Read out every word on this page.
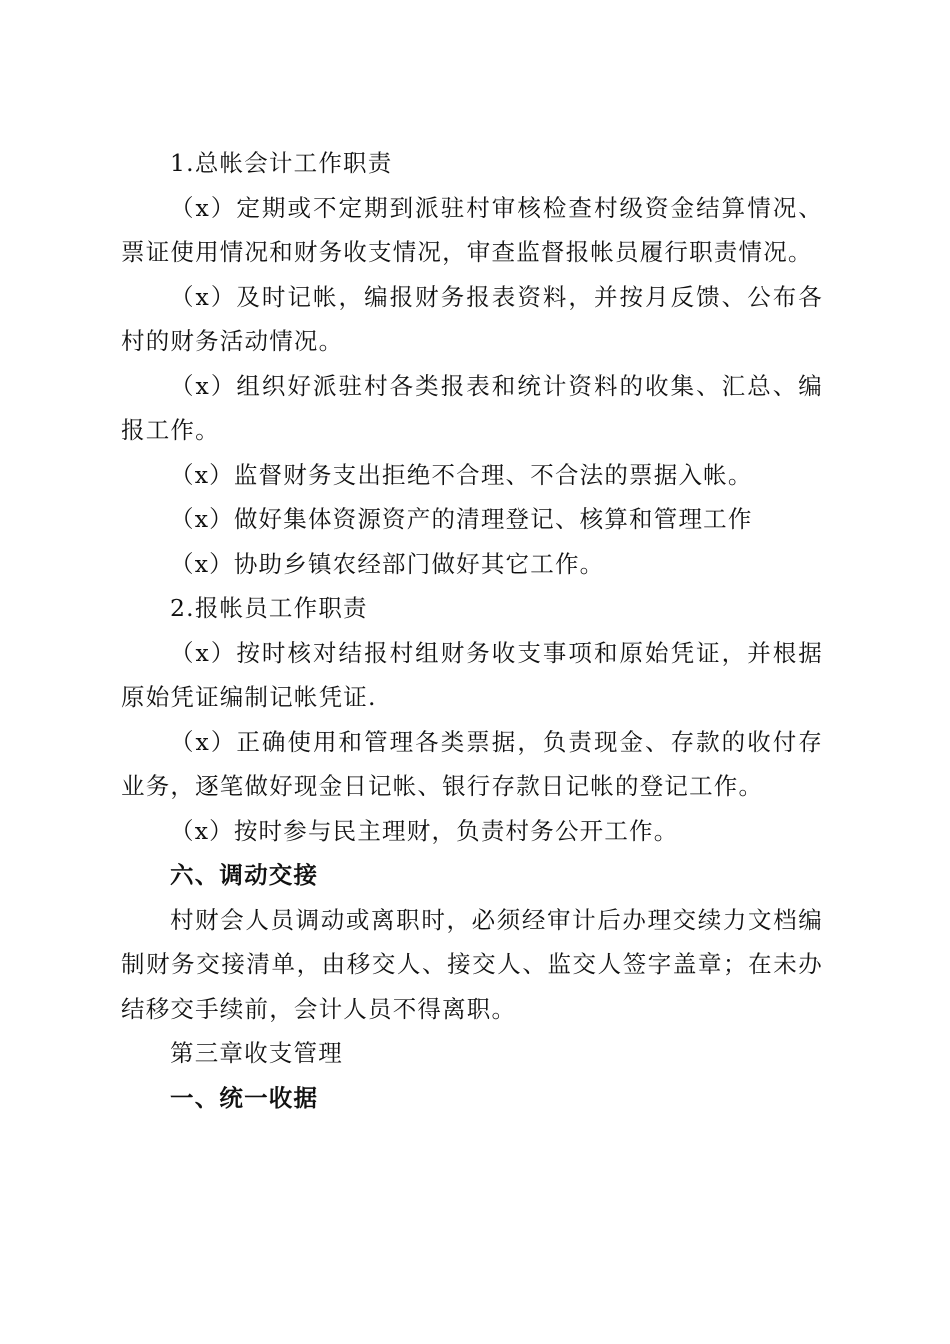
1.总帐会计工作职责

（x）定期或不定期到派驻村审核检查村级资金结算情况、票证使用情况和财务收支情况，审查监督报帐员履行职责情况。

（x）及时记帐，编报财务报表资料，并按月反馈、公布各村的财务活动情况。

（x）组织好派驻村各类报表和统计资料的收集、汇总、编报工作。

（x）监督财务支出拒绝不合理、不合法的票据入帐。

（x）做好集体资源资产的清理登记、核算和管理工作

（x）协助乡镇农经部门做好其它工作。

2.报帐员工作职责

（x）按时核对结报村组财务收支事项和原始凭证，并根据原始凭证编制记帐凭证.

（x）正确使用和管理各类票据，负责现金、存款的收付存业务，逐笔做好现金日记帐、银行存款日记帐的登记工作。

（x）按时参与民主理财，负责村务公开工作。

六、调动交接

村财会人员调动或离职时，必须经审计后办理交续力文档编制财务交接清单，由移交人、接交人、监交人签字盖章；在未办结移交手续前，会计人员不得离职。

第三章收支管理

一、统一收据
